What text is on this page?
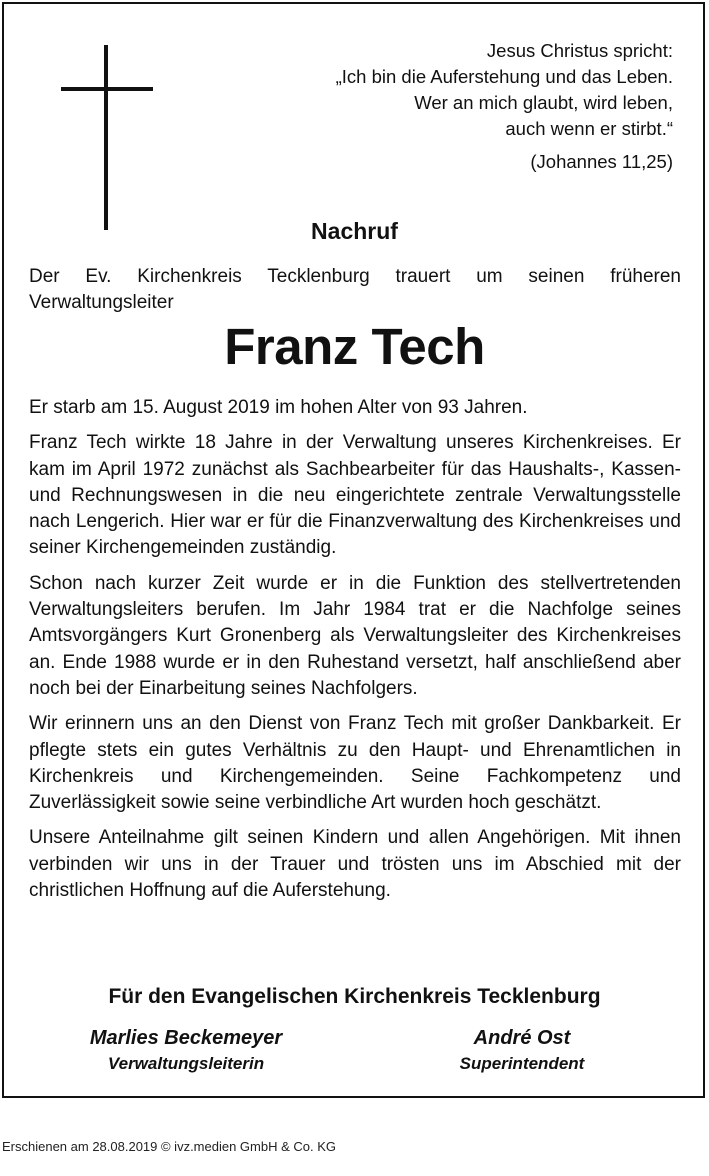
Jesus Christus spricht:
„Ich bin die Auferstehung und das Leben.
Wer an mich glaubt, wird leben,
auch wenn er stirbt.“
(Johannes 11,25)
Nachruf
Der Ev. Kirchenkreis Tecklenburg trauert um seinen früheren Verwaltungsleiter
Franz Tech

Er starb am 15. August 2019 im hohen Alter von 93 Jahren.

Franz Tech wirkte 18 Jahre in der Verwaltung unseres Kirchenkreises. Er kam im April 1972 zunächst als Sachbearbeiter für das Haushalts-, Kassen- und Rechnungswesen in die neu eingerichtete zentrale Verwaltungsstelle nach Lengerich. Hier war er für die Finanzverwaltung des Kirchenkreises und seiner Kirchengemeinden zuständig.

Schon nach kurzer Zeit wurde er in die Funktion des stellvertretenden Verwaltungsleiters berufen. Im Jahr 1984 trat er die Nachfolge seines Amtsvorgängers Kurt Gronenberg als Verwaltungsleiter des Kirchenkreises an. Ende 1988 wurde er in den Ruhestand versetzt, half anschließend aber noch bei der Einarbeitung seines Nachfolgers.

Wir erinnern uns an den Dienst von Franz Tech mit großer Dankbarkeit. Er pflegte stets ein gutes Verhältnis zu den Haupt- und Ehrenamtlichen in Kirchenkreis und Kirchengemeinden. Seine Fachkompetenz und Zuverlässigkeit sowie seine verbindliche Art wurden hoch geschätzt.

Unsere Anteilnahme gilt seinen Kindern und allen Angehörigen. Mit ihnen verbinden wir uns in der Trauer und trösten uns im Abschied mit der christlichen Hoffnung auf die Auferstehung.

Für den Evangelischen Kirchenkreis Tecklenburg
Marlies Beckemeyer
Verwaltungsleiterin
André Ost
Superintendent
Erschienen am 28.08.2019 © ivz.medien GmbH & Co. KG
